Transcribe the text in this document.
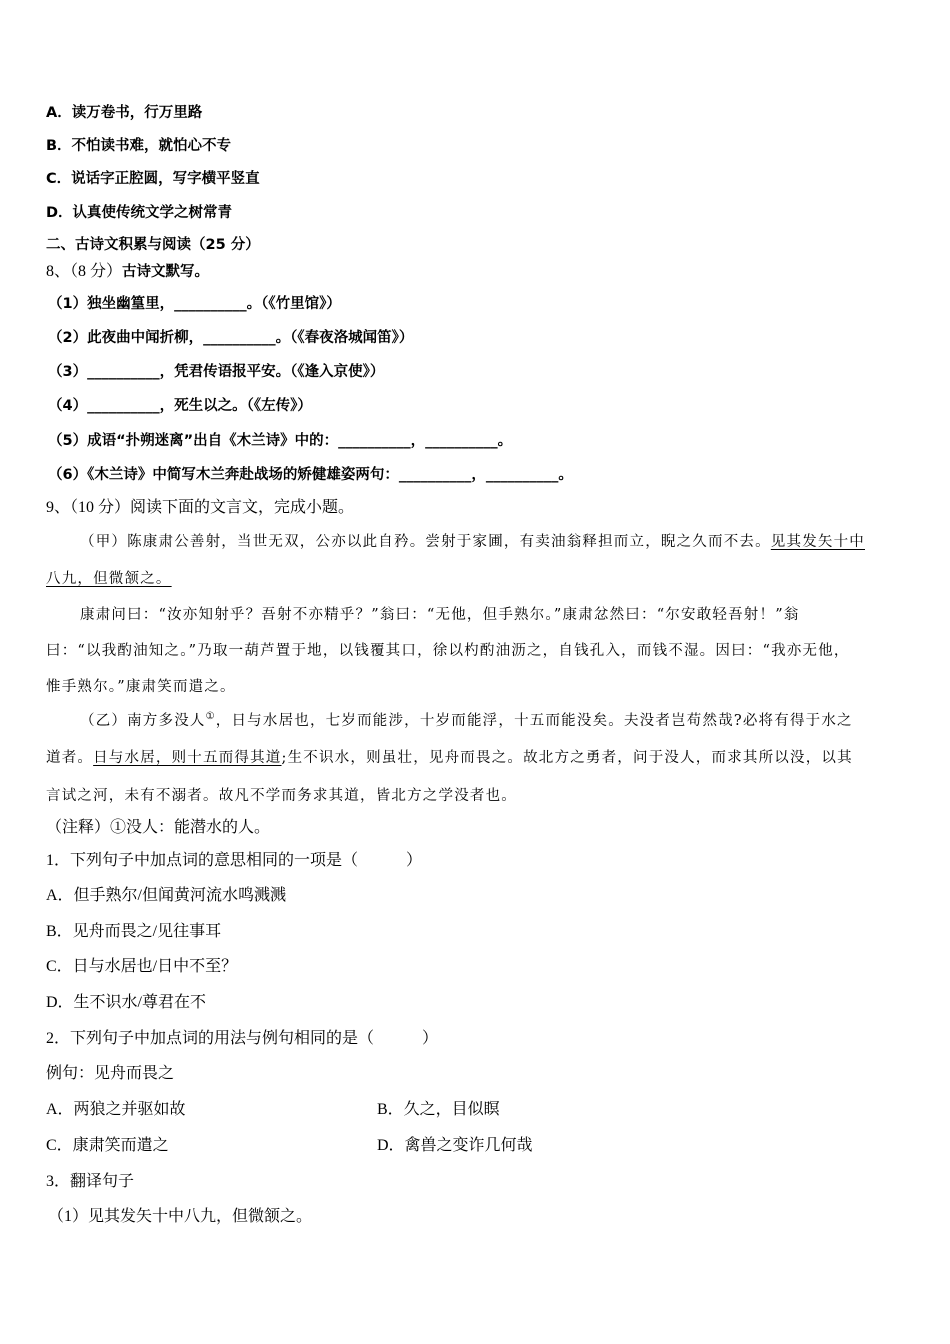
A．读万卷书，行万里路
B．不怕读书难，就怕心不专
C．说话字正腔圆，写字横平竖直
D．认真使传统文学之树常青
二、古诗文积累与阅读（25 分）
8、（8 分）古诗文默写。
（1）独坐幽篁里，__________。（《竹里馆》）
（2）此夜曲中闻折柳，__________。（《春夜洛城闻笛》）
（3）__________，凭君传语报平安。（《逢入京使》）
（4）__________，死生以之。（《左传》）
（5）成语“扑朔迷离”出自《木兰诗》中的：__________，__________。
（6）《木兰诗》中简写木兰奔赴战场的矫健雄姿两句：__________，__________。
9、（10 分）阅读下面的文言文，完成小题。
（甲）陈康肃公善射，当世无双，公亦以此自矜。尝射于家圃，有卖油翁释担而立，睨之久而不去。见其发矢十中
八九，但微颔之。
康肃问曰：“汝亦知射乎？吾射不亦精乎？”翁曰：“无他，但手熟尔。”康肃忿然曰：“尔安敢轻吾射！”翁
曰：“以我酌油知之。”乃取一葫芦置于地，以钱覆其口，徐以杓酌油沥之，自钱孔入，而钱不湿。因曰：“我亦无他，
惟手熟尔。”康肃笑而遣之。
（乙）南方多没人①，日与水居也，七岁而能涉，十岁而能浮，十五而能没矣。夫没者岂苟然哉?必将有得于水之
道者。日与水居，则十五而得其道;生不识水，则虽壮，见舟而畏之。故北方之勇者，问于没人，而求其所以没，以其
言试之河，未有不溺者。故凡不学而务求其道，皆北方之学没者也。
（注释）①没人：能潜水的人。
1．下列句子中加点词的意思相同的一项是（　　　）
A．但手熟尔/但闻黄河流水鸣溅溅
B．见舟而畏之/见往事耳
C．日与水居也/日中不至？
D．生不识水/尊君在不
2．下列句子中加点词的用法与例句相同的是（　　　）
例句：见舟而畏之
A．两狼之并驱如故	B．久之，目似瞑
C．康肃笑而遣之	D．禽兽之变诈几何哉
3．翻译句子
（1）见其发矢十中八九，但微颔之。
